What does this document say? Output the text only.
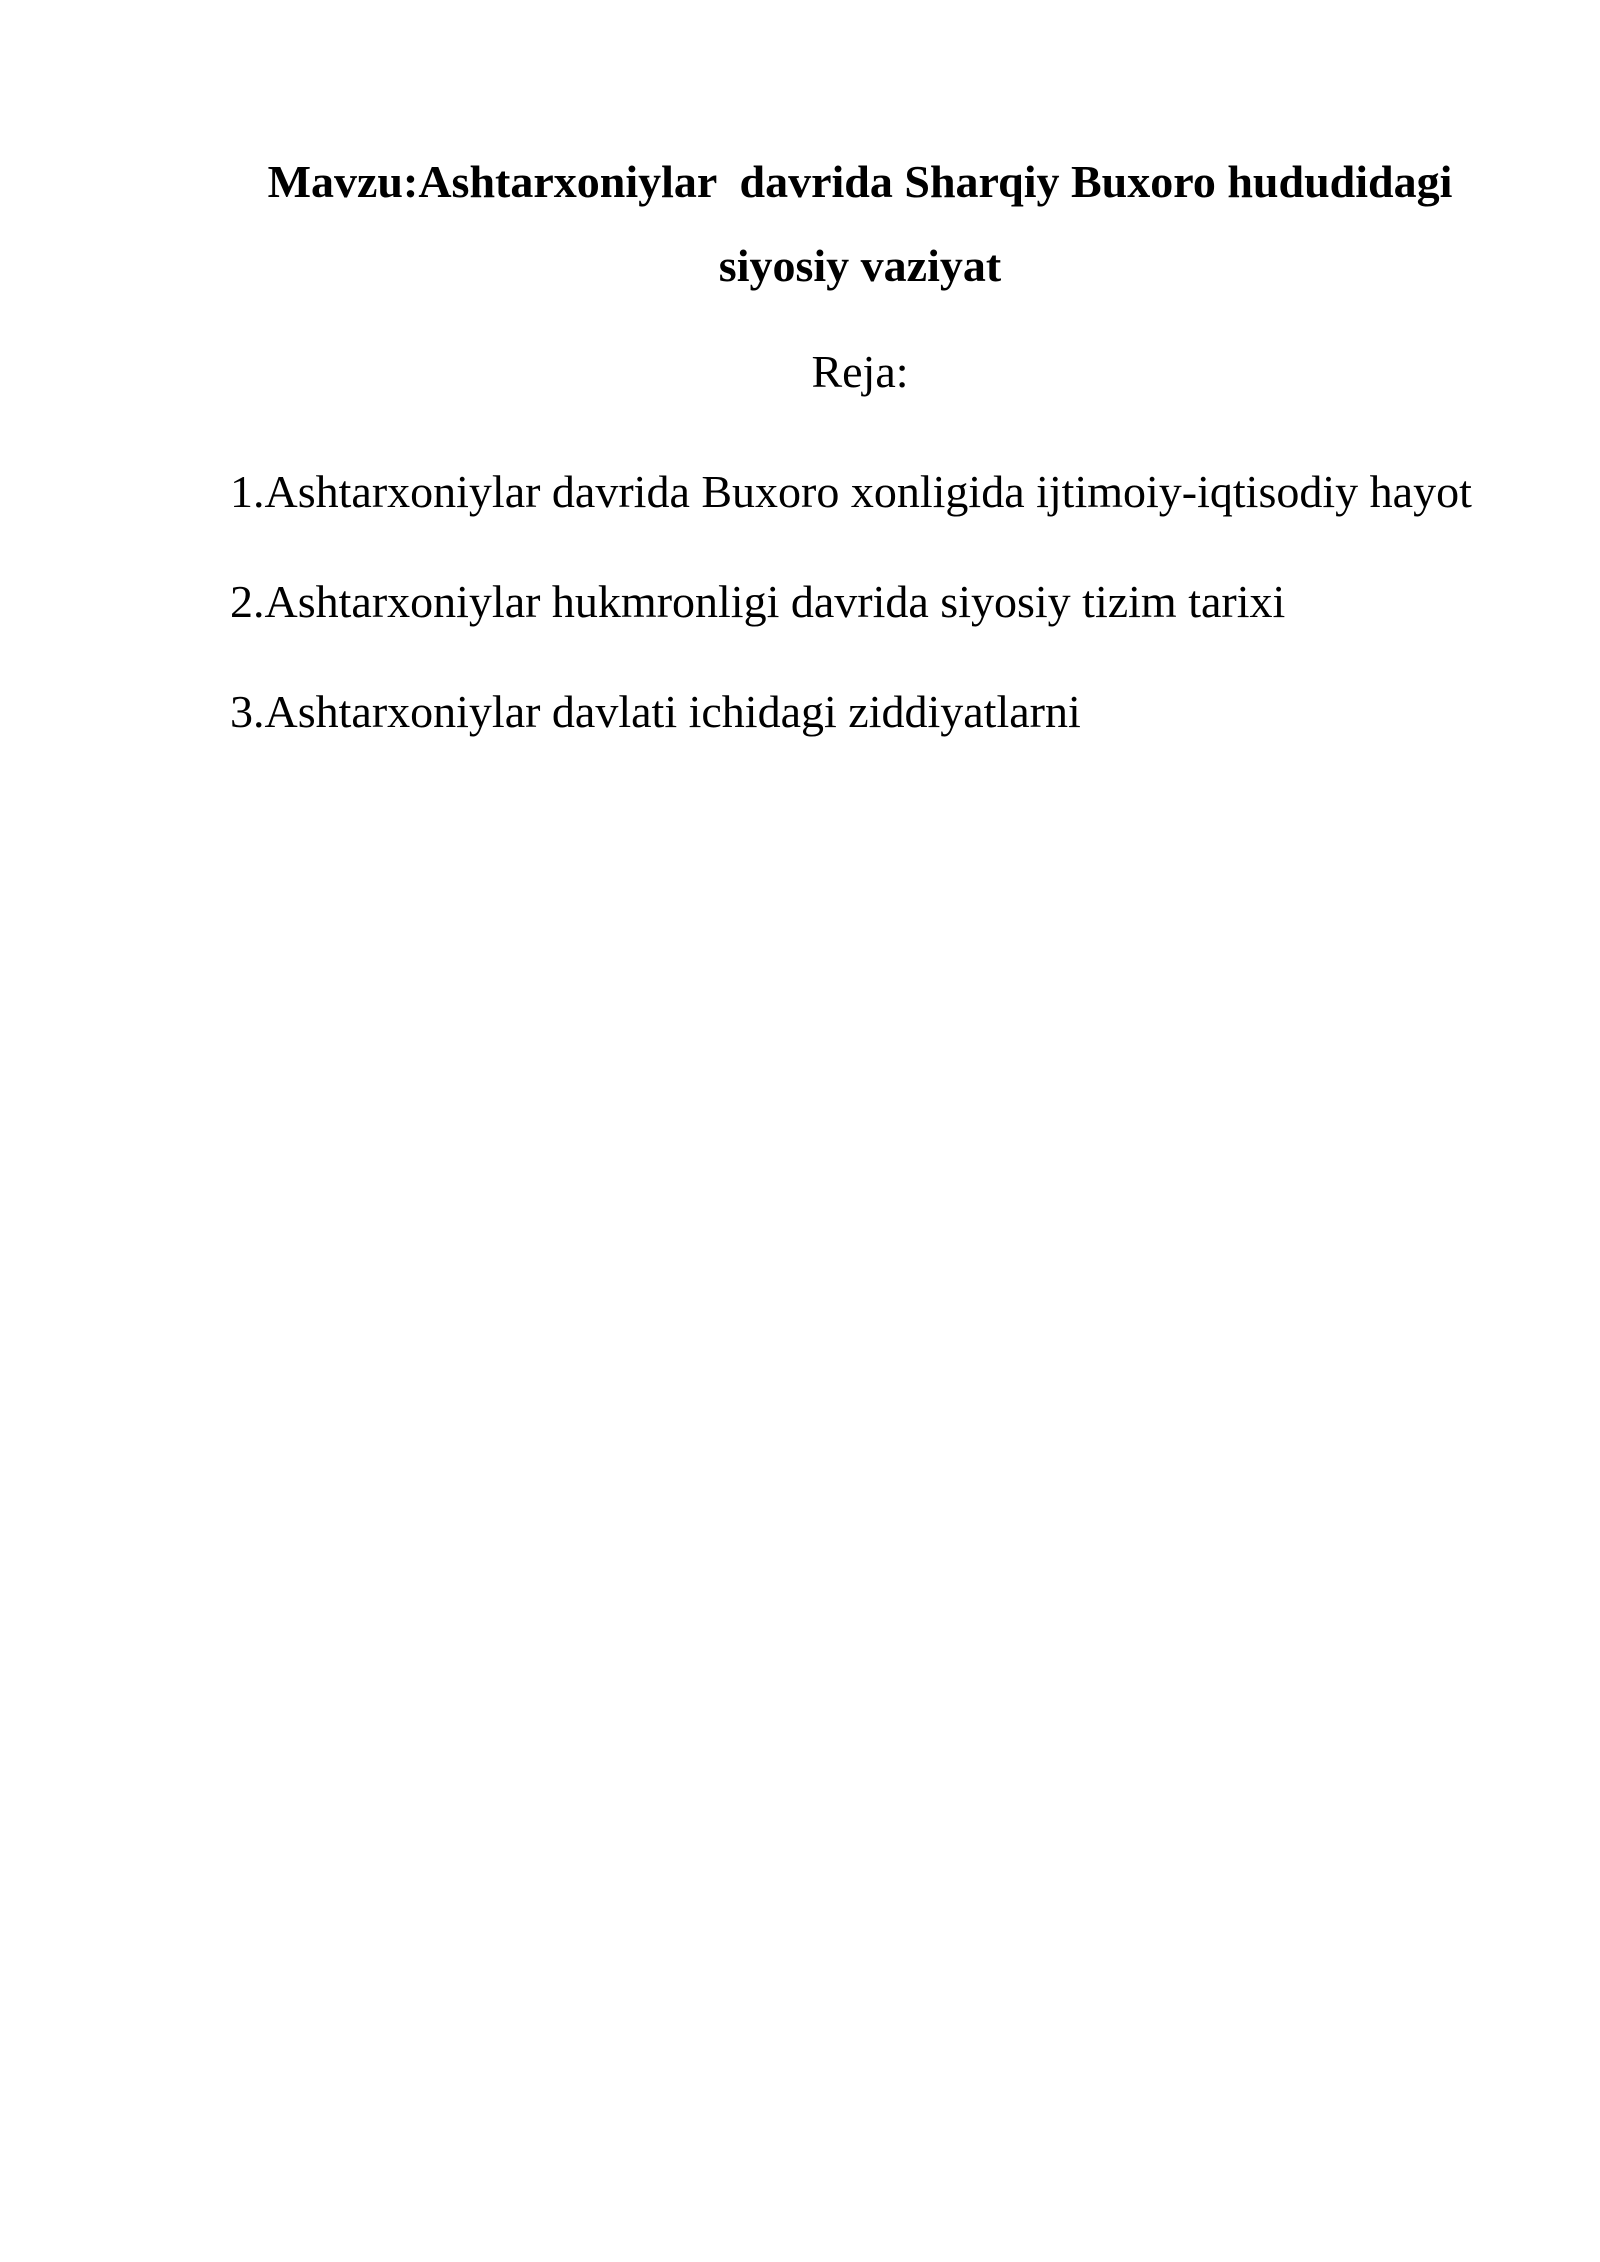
Mavzu:Ashtarxoniylar  davrida Sharqiy Buxoro hududidagi siyosiy vaziyat

Reja:

1.Ashtarxoniylar davrida Buxoro xonligida ijtimoiy-iqtisodiy hayot
2.Ashtarxoniylar hukmronligi davrida siyosiy tizim tarixi
3.Ashtarxoniylar davlati ichidagi ziddiyatlarni
